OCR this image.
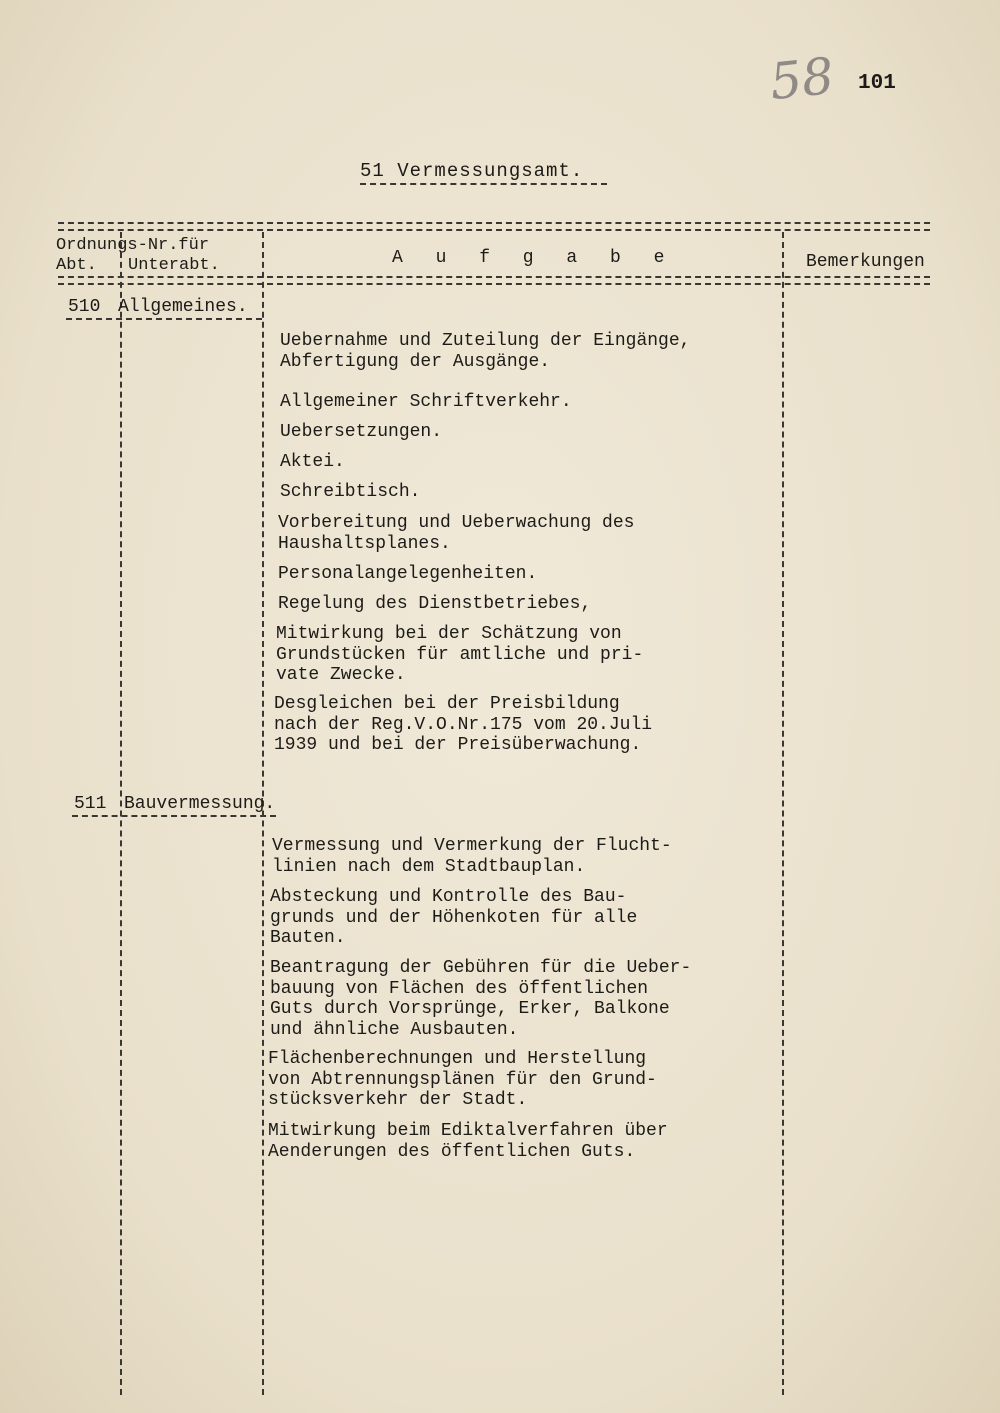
58 101
51 Vermessungsamt.
Ordnungs-Nr.für
Abt. Unterabt.	A u f g a b e	Bemerkungen
510 Allgemeines.
Uebernahme und Zuteilung der Eingänge,
Abfertigung der Ausgänge.
Allgemeiner Schriftverkehr.
Uebersetzungen.
Aktei.
Schreibtisch.
Vorbereitung und Ueberwachung des
Haushaltsplanes.
Personalangelegenheiten.
Regelung des Dienstbetriebes,
Mitwirkung bei der Schätzung von
Grundstücken für amtliche und pri-
vate Zwecke.
Desgleichen bei der Preisbildung
nach der Reg.V.O.Nr.175 vom 20.Juli
1939 und bei der Preisüberwachung.
511 Bauvermessung.
Vermessung und Vermerkung der Flucht-
linien nach dem Stadtbauplan.
Absteckung und Kontrolle des Bau-
grunds und der Höhenkoten für alle
Bauten.
Beantragung der Gebühren für die Ueber-
bauung von Flächen des öffentlichen
Guts durch Vorsprünge, Erker, Balkone
und ähnliche Ausbauten.
Flächenberechnungen und Herstellung
von Abtrennungsplänen für den Grund-
stücksverkehr der Stadt.
Mitwirkung beim Ediktalverfahren über
Aenderungen des öffentlichen Guts.
